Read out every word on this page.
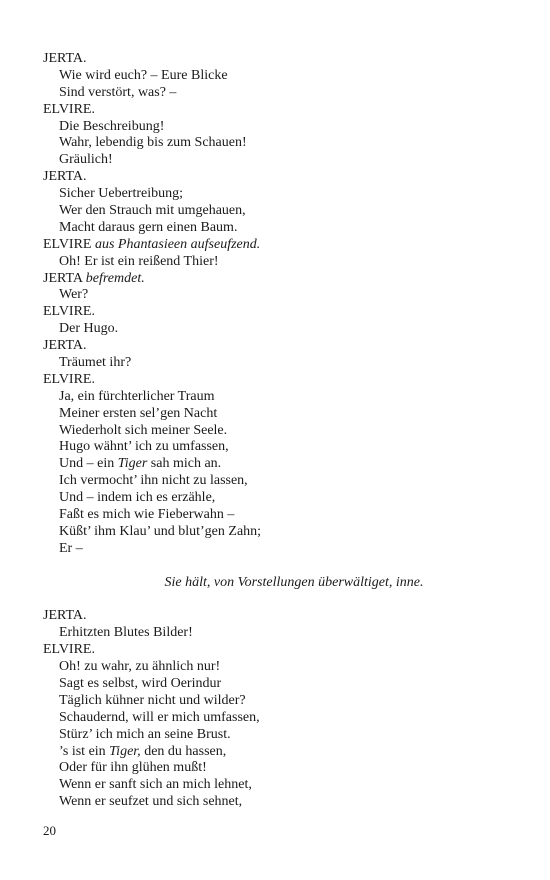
JERTA.
Wie wird euch? – Eure Blicke
Sind verstört, was? –
ELVIRE.
Die Beschreibung!
Wahr, lebendig bis zum Schauen!
Gräulich!
JERTA.
Sicher Uebertreibung;
Wer den Strauch mit umgehauen,
Macht daraus gern einen Baum.
ELVIRE aus Phantasieen aufseufzend.
Oh! Er ist ein reißend Thier!
JERTA befremdet.
Wer?
ELVIRE.
Der Hugo.
JERTA.
Träumet ihr?
ELVIRE.
Ja, ein fürchterlicher Traum
Meiner ersten sel’gen Nacht
Wiederholt sich meiner Seele.
Hugo wähnt’ ich zu umfassen,
Und – ein Tiger sah mich an.
Ich vermocht’ ihn nicht zu lassen,
Und – indem ich es erzähle,
Faßt es mich wie Fieberwahn –
Küßt’ ihm Klau’ und blut’gen Zahn;
Er –
Sie hält, von Vorstellungen überwältiget, inne.
JERTA.
Erhitzten Blutes Bilder!
ELVIRE.
Oh! zu wahr, zu ähnlich nur!
Sagt es selbst, wird Oerindur
Täglich kühner nicht und wilder?
Schaudernd, will er mich umfassen,
Stürz’ ich mich an seine Brust.
’s ist ein Tiger, den du hassen,
Oder für ihn glühen mußt!
Wenn er sanft sich an mich lehnet,
Wenn er seufzet und sich sehnet,
20
